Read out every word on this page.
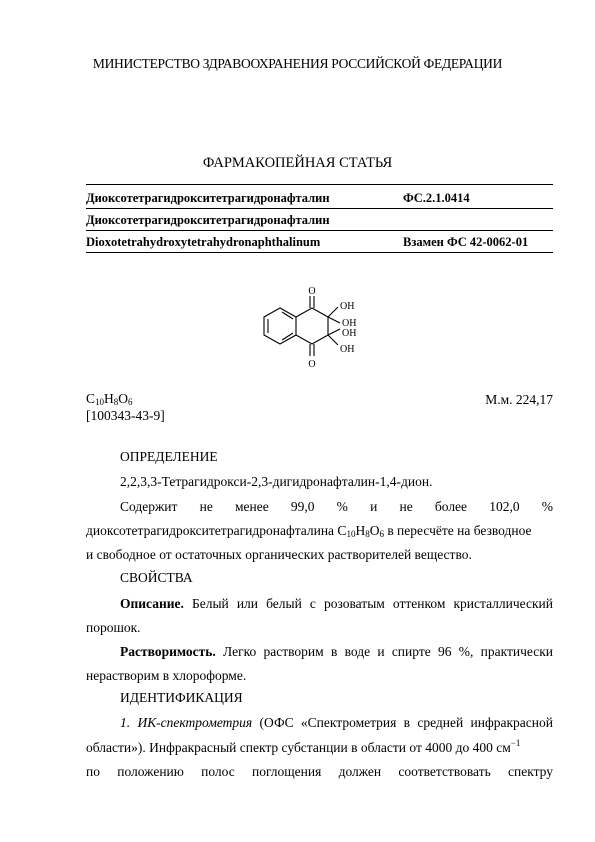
МИНИСТЕРСТВО ЗДРАВООХРАНЕНИЯ РОССИЙСКОЙ ФЕДЕРАЦИИ
ФАРМАКОПЕЙНАЯ СТАТЬЯ
Диоксотетрагидрокситетрагидронафталин	ФС.2.1.0414
Диоксотетрагидрокситетрагидронафталин
Dioxotetrahydroxytetrahydronaphthalinum	Взамен ФС 42-0062-01
O
OH
OH
OH
OH
O
$C_{10}H_8O_6$	М.м. 224,17
[100343-43-9]
ОПРЕДЕЛЕНИЕ
2,2,3,3-Тетрагидрокси-2,3-дигидронафталин-1,4-дион.
Содержит не менее 99,0 % и не более 102,0 %
диоксотетрагидрокситетрагидронафталина $C_{10}H_8O_6$ в пересчёте на безводное
и свободное от остаточных органических растворителей вещество.
СВОЙСТВА
Описание. Белый или белый с розоватым оттенком кристаллический
порошок.
Растворимость. Легко растворим в воде и спирте 96 %, практически
нерастворим в хлороформе.
ИДЕНТИФИКАЦИЯ
1. ИК-спектрометрия (ОФС «Спектрометрия в средней инфракрасной
области»). Инфракрасный спектр субстанции в области от 4000 до 400 $см^{-1}$
по положению полос поглощения должен соответствовать спектру
